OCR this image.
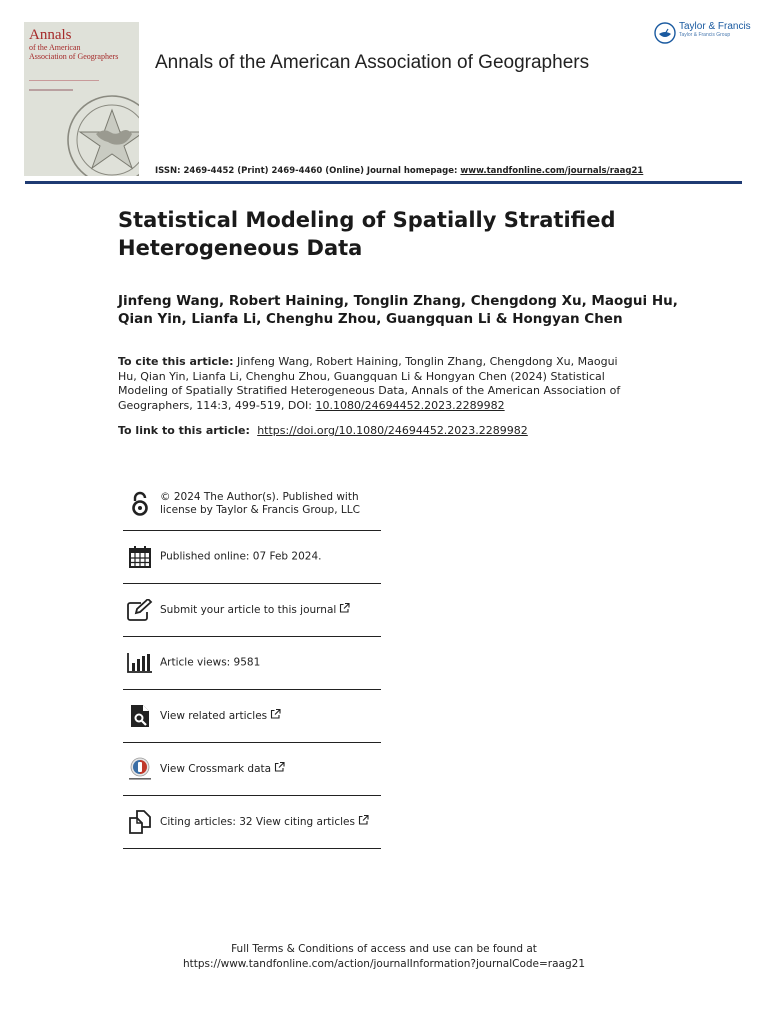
Annals
of the American
Association of Geographers Annals of the American Association of Geographers
Taylor & Francis
Taylor & Francis Group
ISSN: 2469-4452 (Print) 2469-4460 (Online) Journal homepage: www.tandfonline.com/journals/raag21
Statistical Modeling of Spatially Stratified Heterogeneous Data
Jinfeng Wang, Robert Haining, Tonglin Zhang, Chengdong Xu, Maogui Hu, Qian Yin, Lianfa Li, Chenghu Zhou, Guangquan Li & Hongyan Chen
To cite this article: Jinfeng Wang, Robert Haining, Tonglin Zhang, Chengdong Xu, Maogui Hu, Qian Yin, Lianfa Li, Chenghu Zhou, Guangquan Li & Hongyan Chen (2024) Statistical Modeling of Spatially Stratified Heterogeneous Data, Annals of the American Association of Geographers, 114:3, 499-519, DOI: 10.1080/24694452.2023.2289982
To link to this article:  https://doi.org/10.1080/24694452.2023.2289982
© 2024 The Author(s). Published with license by Taylor & Francis Group, LLC
Published online: 07 Feb 2024.
Submit your article to this journal
Article views: 9581
View related articles
View Crossmark data
Citing articles: 32 View citing articles
Full Terms & Conditions of access and use can be found at
https://www.tandfonline.com/action/journalInformation?journalCode=raag21
